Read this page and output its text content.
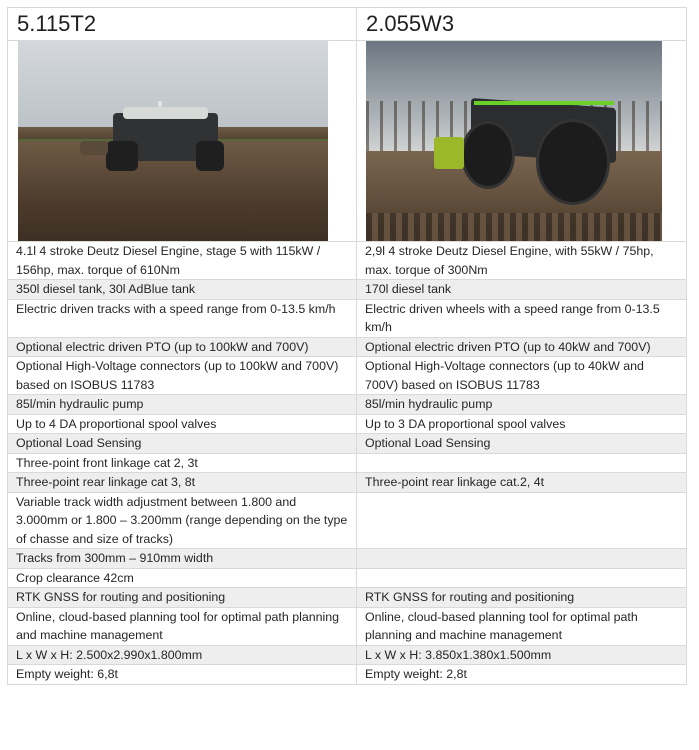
5.115T2	2.055W3

4.1l 4 stroke Deutz Diesel Engine, stage 5 with 115kW / 156hp, max. torque of 610Nm	2,9l 4 stroke Deutz Diesel Engine, with 55kW / 75hp, max. torque of 300Nm
350l diesel tank, 30l AdBlue tank	170l diesel tank
Electric driven tracks with a speed range from 0-13.5 km/h	Electric driven wheels with a speed range from 0-13.5 km/h
Optional electric driven PTO (up to 100kW and 700V)	Optional electric driven PTO (up to 40kW and 700V)
Optional High-Voltage connectors (up to 100kW and 700V) based on ISOBUS 11783	Optional High-Voltage connectors (up to 40kW and 700V) based on ISOBUS 11783
85l/min hydraulic pump	85l/min hydraulic pump
Up to 4 DA proportional spool valves	Up to 3 DA proportional spool valves
Optional Load Sensing	Optional Load Sensing
Three-point front linkage cat 2, 3t	
Three-point rear linkage cat 3, 8t	Three-point rear linkage cat.2, 4t
Variable track width adjustment between 1.800 and 3.000mm or 1.800 – 3.200mm (range depending on the type of chasse and size of tracks)	
Tracks from 300mm – 910mm width	
Crop clearance 42cm	
RTK GNSS for routing and positioning	RTK GNSS for routing and positioning
Online, cloud-based planning tool for optimal path planning and machine management	Online, cloud-based planning tool for optimal path planning and machine management
L x W x H: 2.500x2.990x1.800mm	L x W x H: 3.850x1.380x1.500mm
Empty weight: 6,8t	Empty weight: 2,8t
